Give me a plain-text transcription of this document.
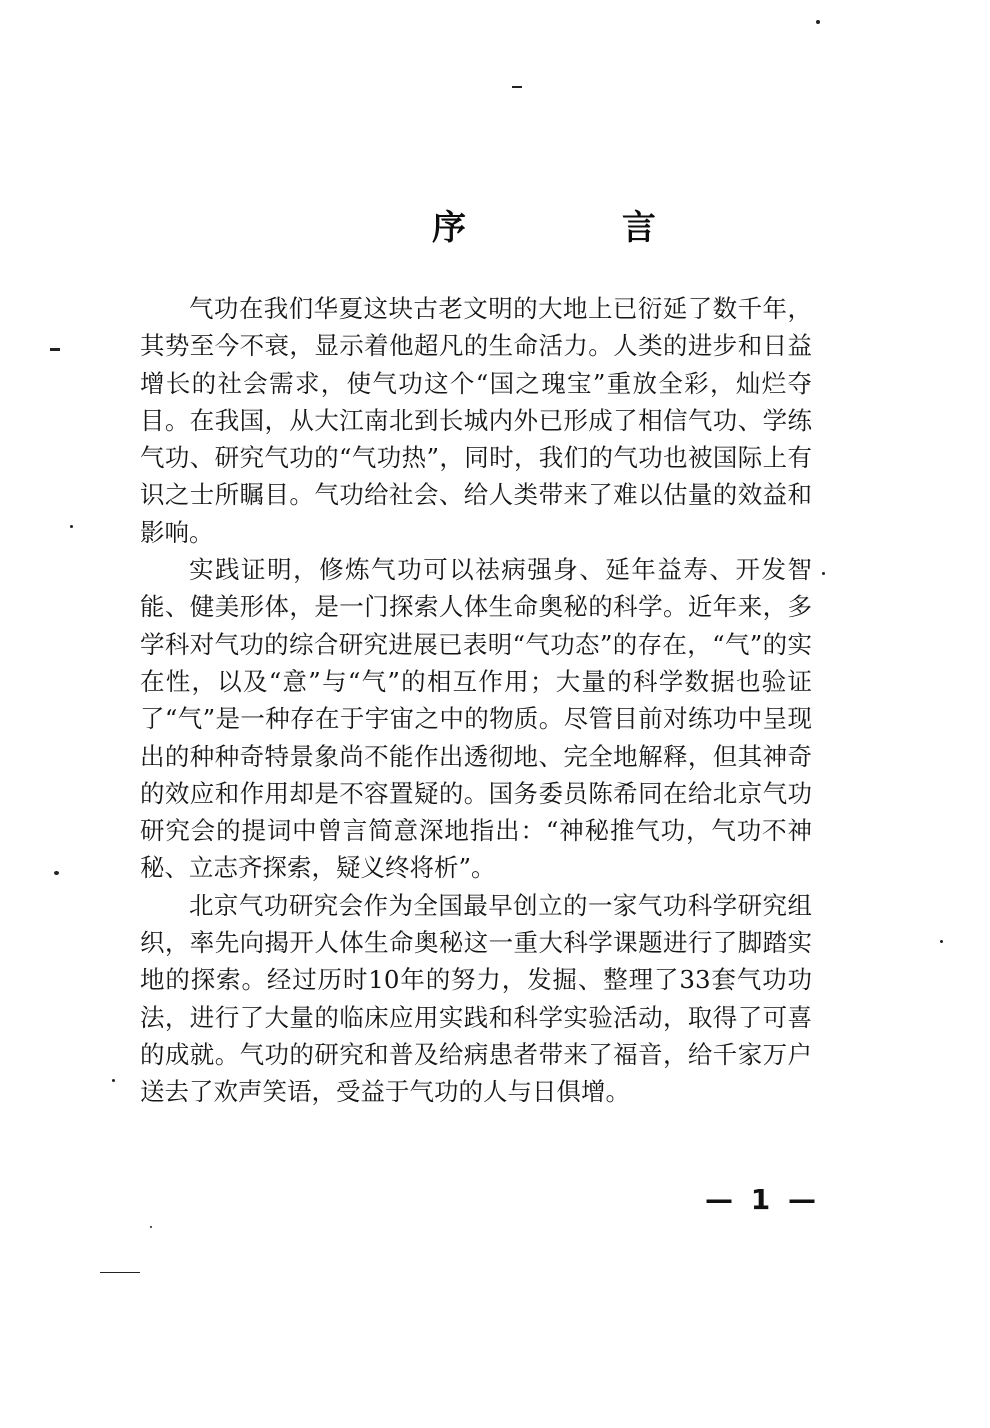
序 言

气功在我们华夏这块古老文明的大地上已衍延了数千年，其势至今不衰，显示着他超凡的生命活力。人类的进步和日益增长的社会需求，使气功这个“国之瑰宝”重放全彩，灿烂夺目。在我国，从大江南北到长城内外已形成了相信气功、学练气功、研究气功的“气功热”，同时，我们的气功也被国际上有识之士所瞩目。气功给社会、给人类带来了难以估量的效益和影响。

实践证明，修炼气功可以祛病强身、延年益寿、开发智能、健美形体，是一门探索人体生命奥秘的科学。近年来，多学科对气功的综合研究进展已表明“气功态”的存在，“气”的实在性，以及“意”与“气”的相互作用；大量的科学数据也验证了“气”是一种存在于宇宙之中的物质。尽管目前对练功中呈现出的种种奇特景象尚不能作出透彻地、完全地解释，但其神奇的效应和作用却是不容置疑的。国务委员陈希同在给北京气功研究会的提词中曾言简意深地指出：“神秘推气功，气功不神秘、立志齐探索，疑义终将析”。

北京气功研究会作为全国最早创立的一家气功科学研究组织，率先向揭开人体生命奥秘这一重大科学课题进行了脚踏实地的探索。经过历时10年的努力，发掘、整理了33套气功功法，进行了大量的临床应用实践和科学实验活动，取得了可喜的成就。气功的研究和普及给病患者带来了福音，给千家万户送去了欢声笑语，受益于气功的人与日俱增。

— 1 —
